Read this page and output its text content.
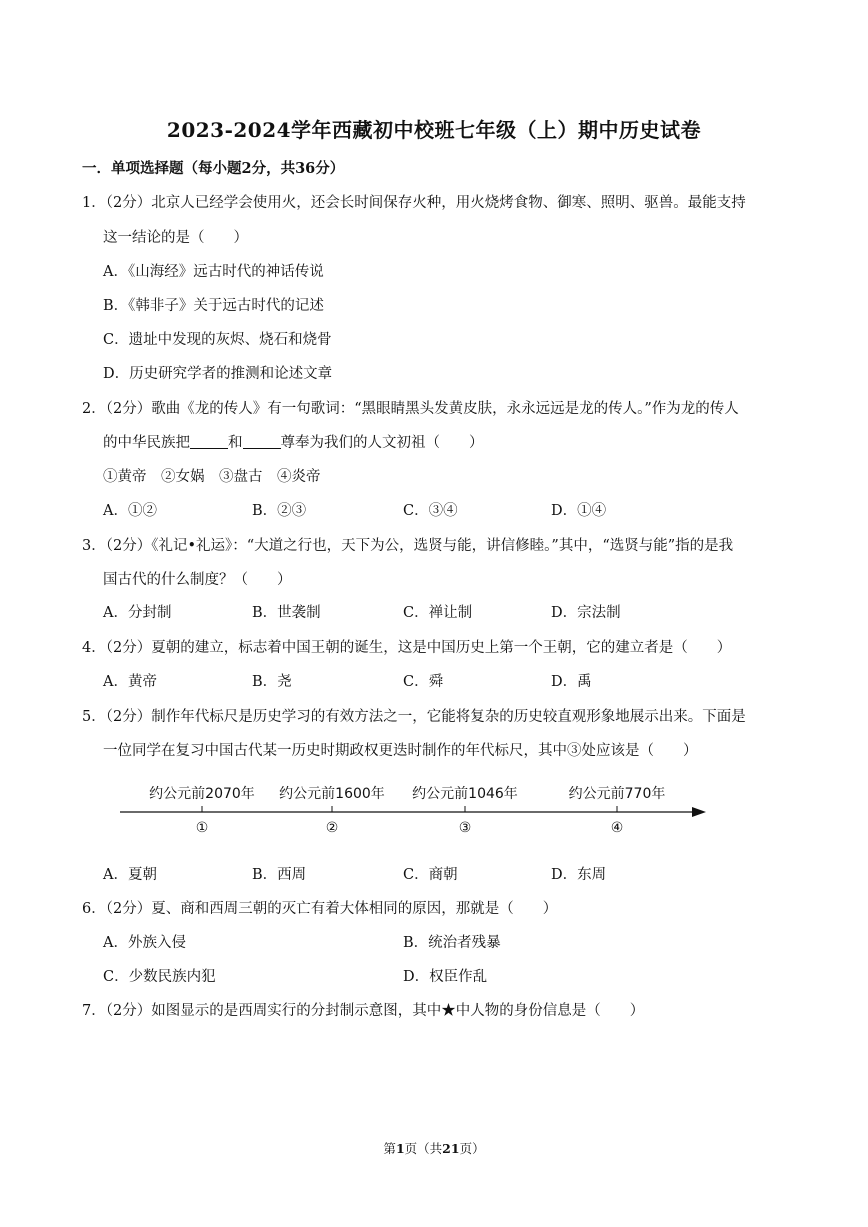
2023-2024学年西藏初中校班七年级（上）期中历史试卷
一．单项选择题（每小题2分，共36分）
1．（2分）北京人已经学会使用火，还会长时间保存火种，用火烧烤食物、御寒、照明、驱兽。最能支持
这一结论的是（　　）
A．《山海经》远古时代的神话传说
B．《韩非子》关于远古时代的记述
C．遗址中发现的灰烬、烧石和烧骨
D．历史研究学者的推测和论述文章
2．（2分）歌曲《龙的传人》有一句歌词：“黑眼睛黑头发黄皮肤，永永远远是龙的传人。”作为龙的传人
的中华民族把	和	尊奉为我们的人文初祖（　　）
①黄帝　②女娲　③盘古　④炎帝
A．①②	B．②③	C．③④	D．①④
3．（2分）《礼记•礼运》：“大道之行也，天下为公，选贤与能，讲信修睦。”其中，“选贤与能”指的是我
国古代的什么制度？（　　）
A．分封制	B．世袭制	C．禅让制	D．宗法制
4．（2分）夏朝的建立，标志着中国王朝的诞生，这是中国历史上第一个王朝，它的建立者是（　　）
A．黄帝	B．尧	C．舜	D．禹
5．（2分）制作年代标尺是历史学习的有效方法之一，它能将复杂的历史较直观形象地展示出来。下面是
一位同学在复习中国古代某一历史时期政权更迭时制作的年代标尺，其中③处应该是（　　）
约公元前2070年 约公元前1600年 约公元前1046年	约公元前770年
①	②	③	④
A．夏朝	B．西周	C．商朝	D．东周
6．（2分）夏、商和西周三朝的灭亡有着大体相同的原因，那就是（　　）
A．外族入侵	B．统治者残暴
C．少数民族内犯	D．权臣作乱
7．（2分）如图显示的是西周实行的分封制示意图，其中★中人物的身份信息是（　　）
第1页（共21页）
